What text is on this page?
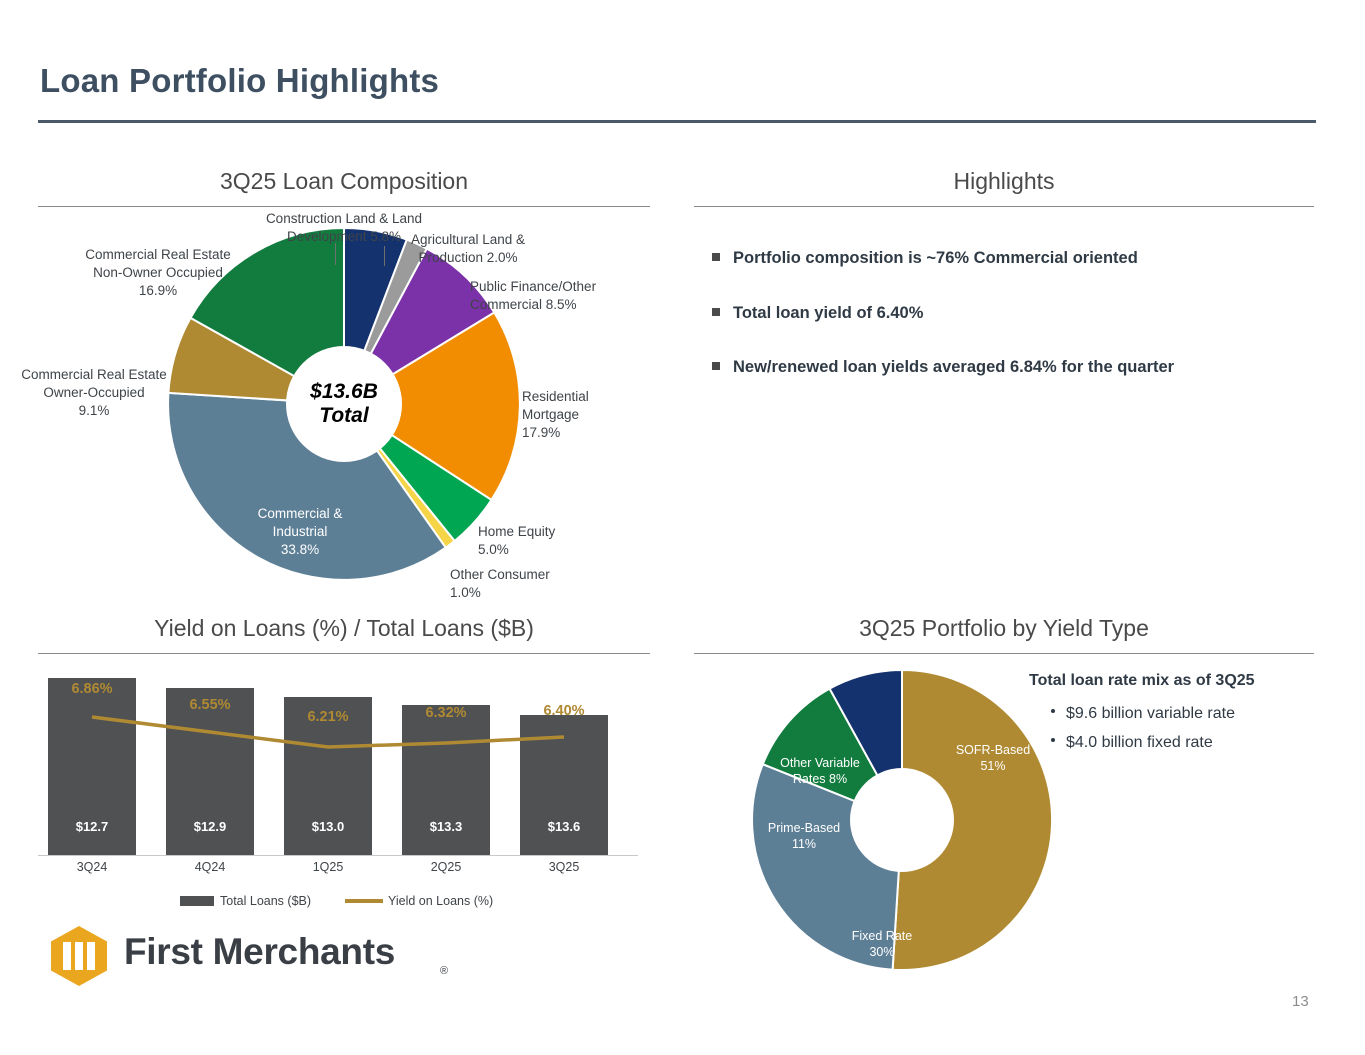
Loan Portfolio Highlights
3Q25 Loan Composition	Highlights
Yield on Loans (%) / Total Loans ($B)	3Q25 Portfolio by Yield Type
$13.6B
Total
Construction Land & Land Development 5.8% Agricultural Land & Production 2.0%
Public Finance/Other Commercial 8.5%
Residential Mortgage
17.9%
Home Equity
5.0%
Other Consumer
1.0%
Commercial & Industrial
33.8%
Commercial Real Estate Owner-Occupied
9.1%
Commercial Real Estate Non-Owner Occupied
16.9%
Portfolio composition is ~76% Commercial oriented
Total loan yield of 6.40%
New/renewed loan yields averaged 6.84% for the quarter
6.86%
6.55%
6.21%	6.32%	6.40%
$12.7	$12.9	$13.0	$13.3	$13.6
3Q24	4Q24	1Q25	2Q25	3Q25
Total Loans ($B)	Yield on Loans (%)
SOFR-Based
51%
Fixed Rate
30%
Prime-Based
11%
Other Variable Rates 8%
Total loan rate mix as of 3Q25
$9.6 billion variable rate
$4.0 billion fixed rate
First Merchants	®
13
